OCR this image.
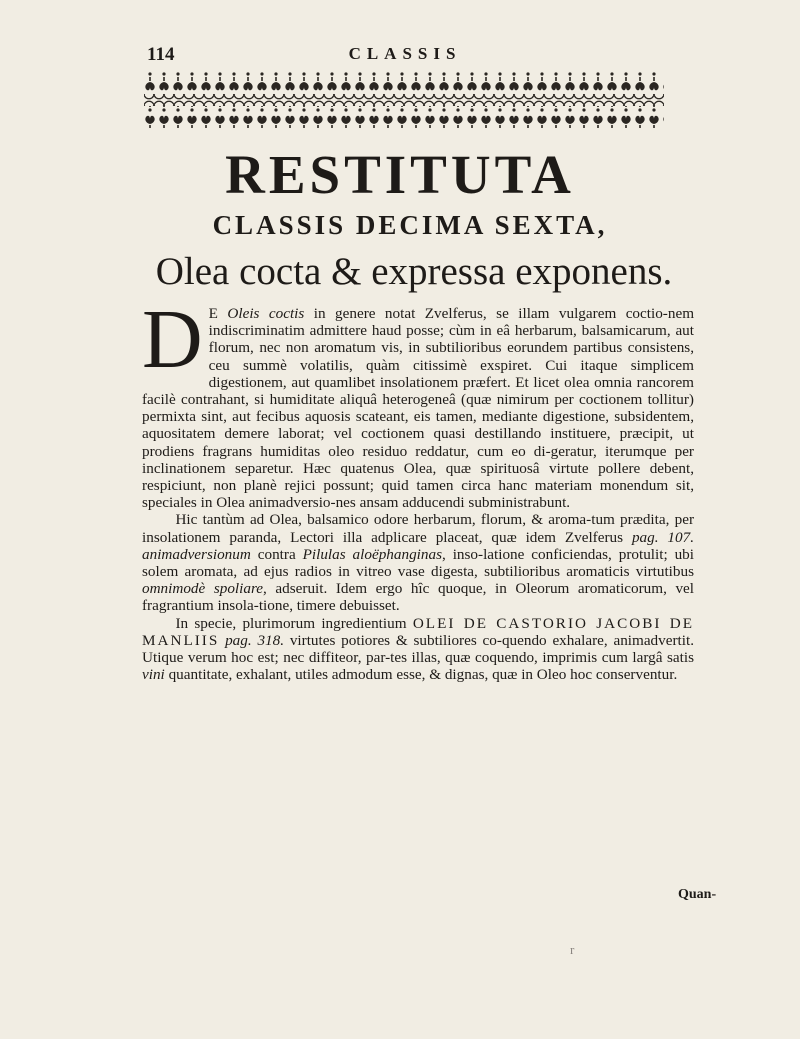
114	CLASSIS
RESTITUTA
CLASSIS DECIMA SEXTA,
Olea cocta & expressa exponens.

D E Oleis coctis in genere notat Zvelferus, se illam vulgarem coctio-nem indiscriminatim admittere haud posse; cùm in eâ herbarum, balsamicarum, aut florum, nec non aromatum vis, in subtilioribus eorundem partibus consistens, ceu summè volatilis, quàm citissimè exspiret. Cui itaque simplicem digestionem, aut quamlibet insolationem præfert. Et licet olea omnia rancorem facilè contrahant, si humiditate aliquâ heterogeneâ (quæ nimirum per coctionem tollitur) permixta sint, aut fecibus aquosis scateant, eis tamen, mediante digestione, subsidentem, aquositatem demere laborat; vel coctionem quasi destillando instituere, præcipit, ut prodiens fragrans humiditas oleo residuo reddatur, cum eo di-geratur, iterumque per inclinationem separetur. Hæc quatenus Olea, quæ spirituosâ virtute pollere debent, respiciunt, non planè rejici possunt; quid tamen circa hanc materiam monendum sit, speciales in Olea animadversio-nes ansam adducendi subministrabunt.

Hic tantùm ad Olea, balsamico odore herbarum, florum, & aroma-tum prædita, per insolationem paranda, Lectori illa adplicare placeat, quæ idem Zvelferus pag. 107. animadversionum contra Pilulas aloëphanginas, inso-latione conficiendas, protulit; ubi solem aromata, ad ejus radios in vitreo vase digesta, subtilioribus aromaticis virtutibus omnimodè spoliare, adseruit. Idem ergo hîc quoque, in Oleorum aromaticorum, vel fragrantium insola-tione, timere debuisset.

In specie, plurimorum ingredientium OLEI DE CASTORIO JACOBI DE MANLIIS pag. 318. virtutes potiores & subtiliores co-quendo exhalare, animadvertit. Utique verum hoc est; nec diffiteor, par-tes illas, quæ coquendo, imprimis cum largâ satis vini quantitate, exhalant, utiles admodum esse, & dignas, quæ in Oleo hoc conserventur.

Quan-
r
